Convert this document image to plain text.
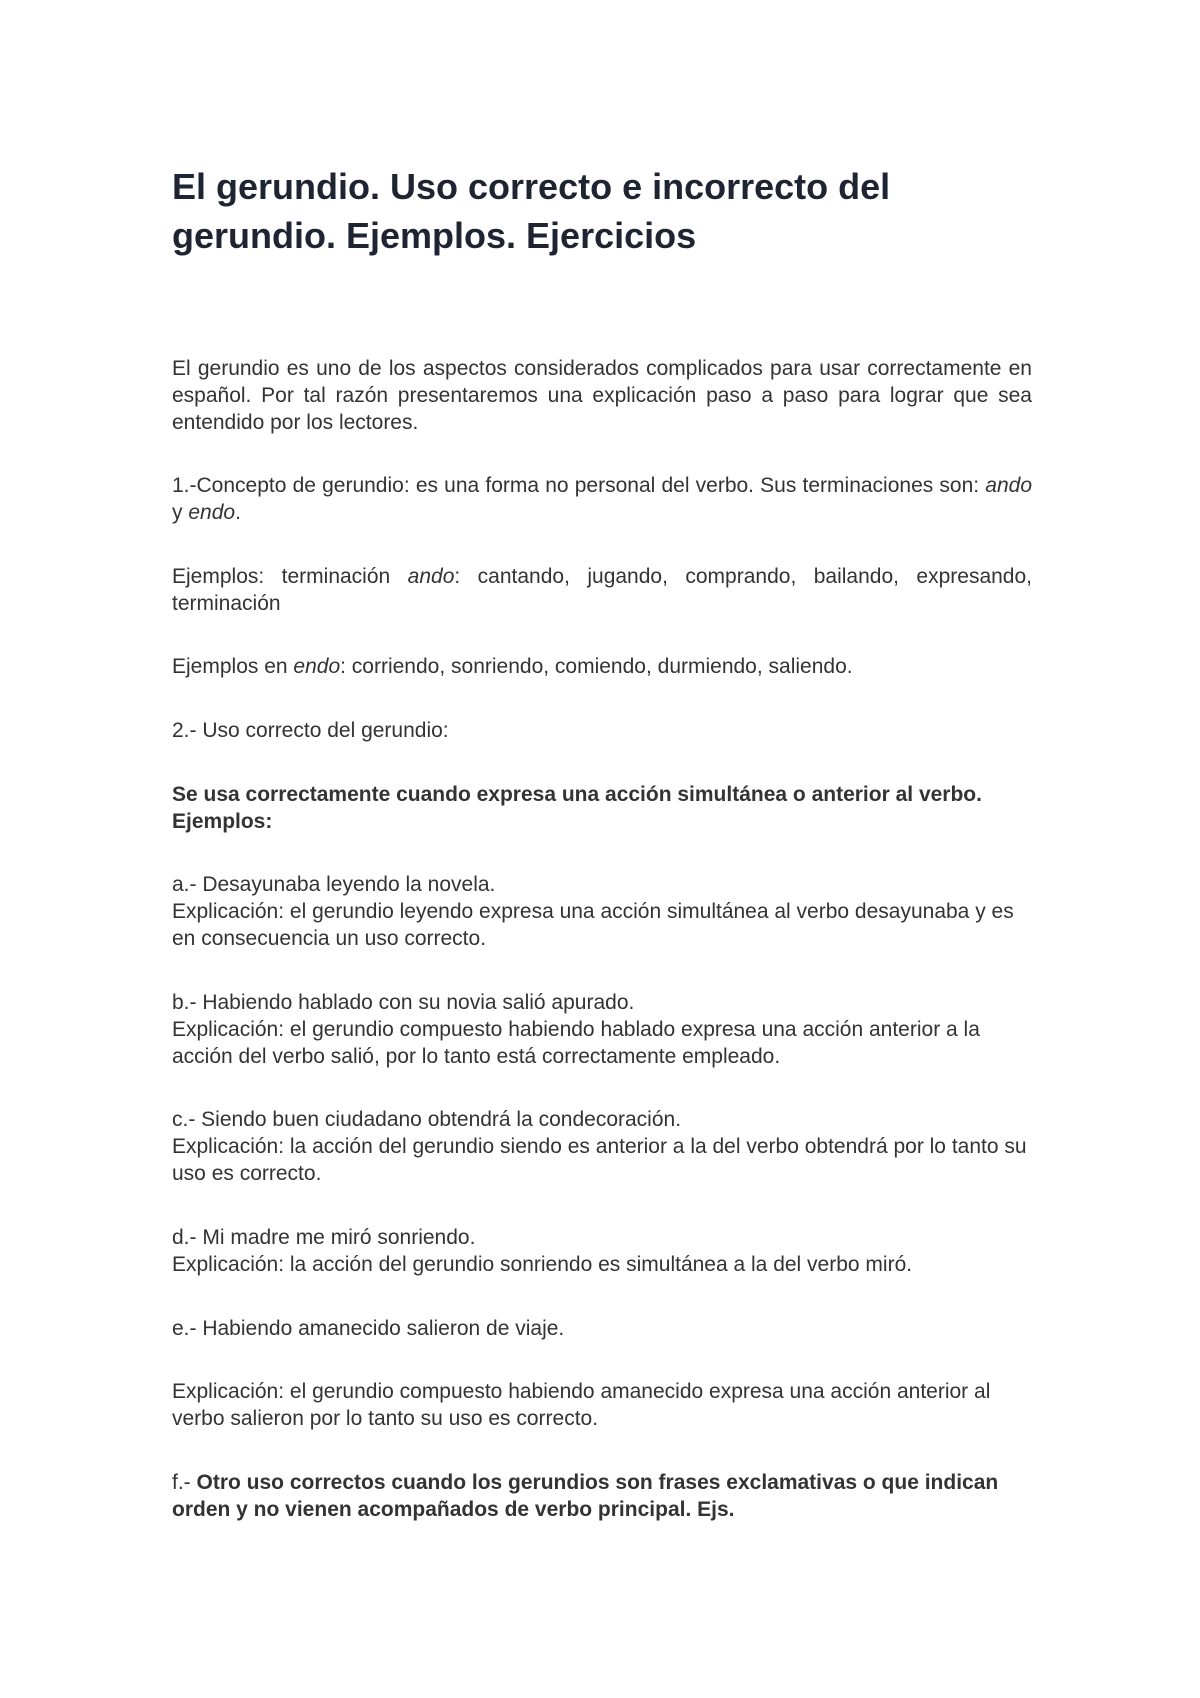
El gerundio. Uso correcto e incorrecto del gerundio. Ejemplos. Ejercicios

El gerundio es uno de los aspectos considerados complicados para usar correctamente en español. Por tal razón presentaremos una explicación paso a paso para lograr que sea entendido por los lectores.

1.-Concepto de gerundio: es una forma no personal del verbo. Sus terminaciones son: ando y endo.

Ejemplos: terminación ando: cantando, jugando, comprando, bailando, expresando, terminación

Ejemplos en endo: corriendo, sonriendo, comiendo, durmiendo, saliendo.

2.- Uso correcto del gerundio:

Se usa correctamente cuando expresa una acción simultánea o anterior al verbo. Ejemplos:

a.- Desayunaba leyendo la novela.
Explicación: el gerundio leyendo expresa una acción simultánea al verbo desayunaba y es en consecuencia un uso correcto.
b.- Habiendo hablado con su novia salió apurado.
Explicación: el gerundio compuesto habiendo hablado expresa una acción anterior a la acción del verbo salió, por lo tanto está correctamente empleado.
c.- Siendo buen ciudadano obtendrá la condecoración.
Explicación: la acción del gerundio siendo es anterior a la del verbo obtendrá por lo tanto su uso es correcto.
d.- Mi madre me miró sonriendo.
Explicación: la acción del gerundio sonriendo es simultánea a la del verbo miró.

e.- Habiendo amanecido salieron de viaje.

Explicación: el gerundio compuesto habiendo amanecido expresa una acción anterior al verbo salieron por lo tanto su uso es correcto.

f.- Otro uso correctos cuando los gerundios son frases exclamativas o que indican orden y no vienen acompañados de verbo principal. Ejs.
